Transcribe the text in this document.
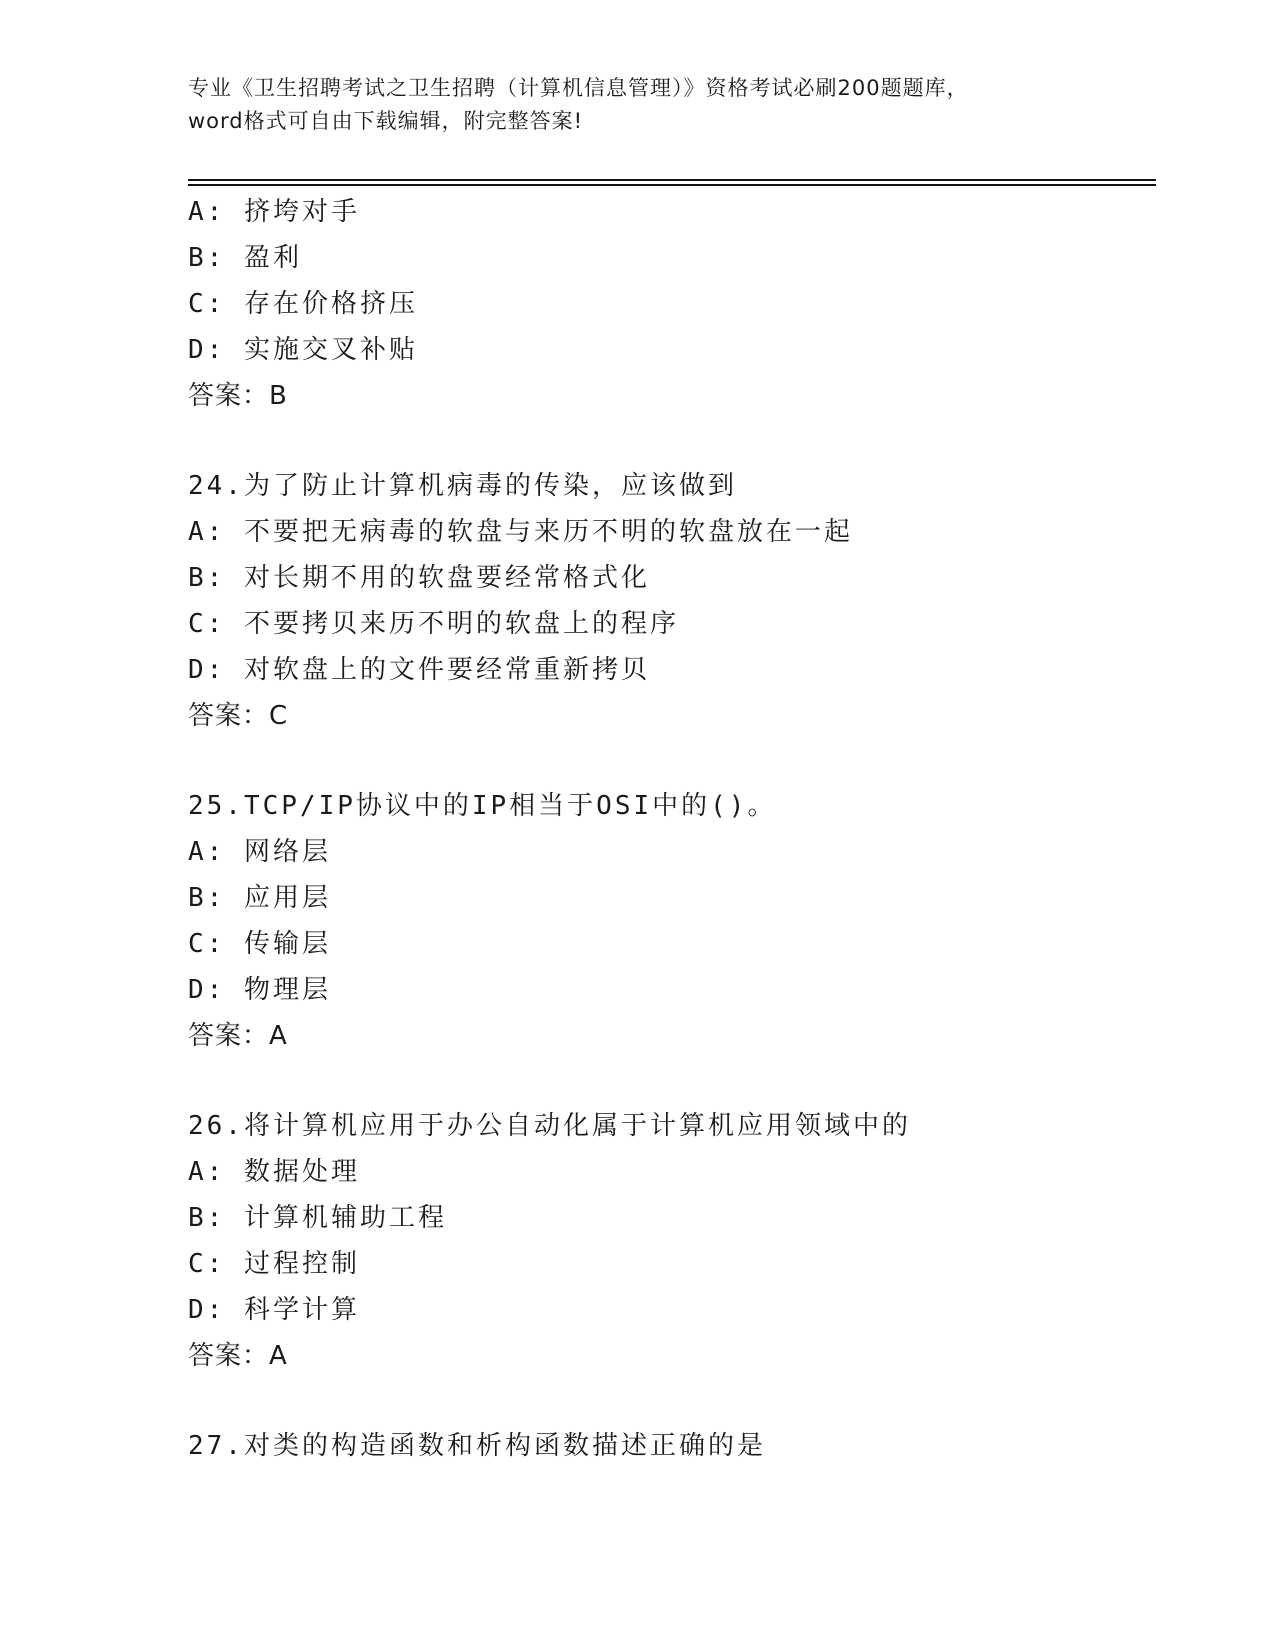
专业《卫生招聘考试之卫生招聘（计算机信息管理）》资格考试必刷200题题库，
word格式可自由下载编辑，附完整答案!
A: 挤垮对手
B: 盈利
C: 存在价格挤压
D: 实施交叉补贴
答案：B
24.为了防止计算机病毒的传染，应该做到
A: 不要把无病毒的软盘与来历不明的软盘放在一起
B: 对长期不用的软盘要经常格式化
C: 不要拷贝来历不明的软盘上的程序
D: 对软盘上的文件要经常重新拷贝
答案：C
25.TCP/IP协议中的IP相当于OSI中的()。
A: 网络层
B: 应用层
C: 传输层
D: 物理层
答案：A
26.将计算机应用于办公自动化属于计算机应用领域中的
A: 数据处理
B: 计算机辅助工程
C: 过程控制
D: 科学计算
答案：A
27.对类的构造函数和析构函数描述正确的是
